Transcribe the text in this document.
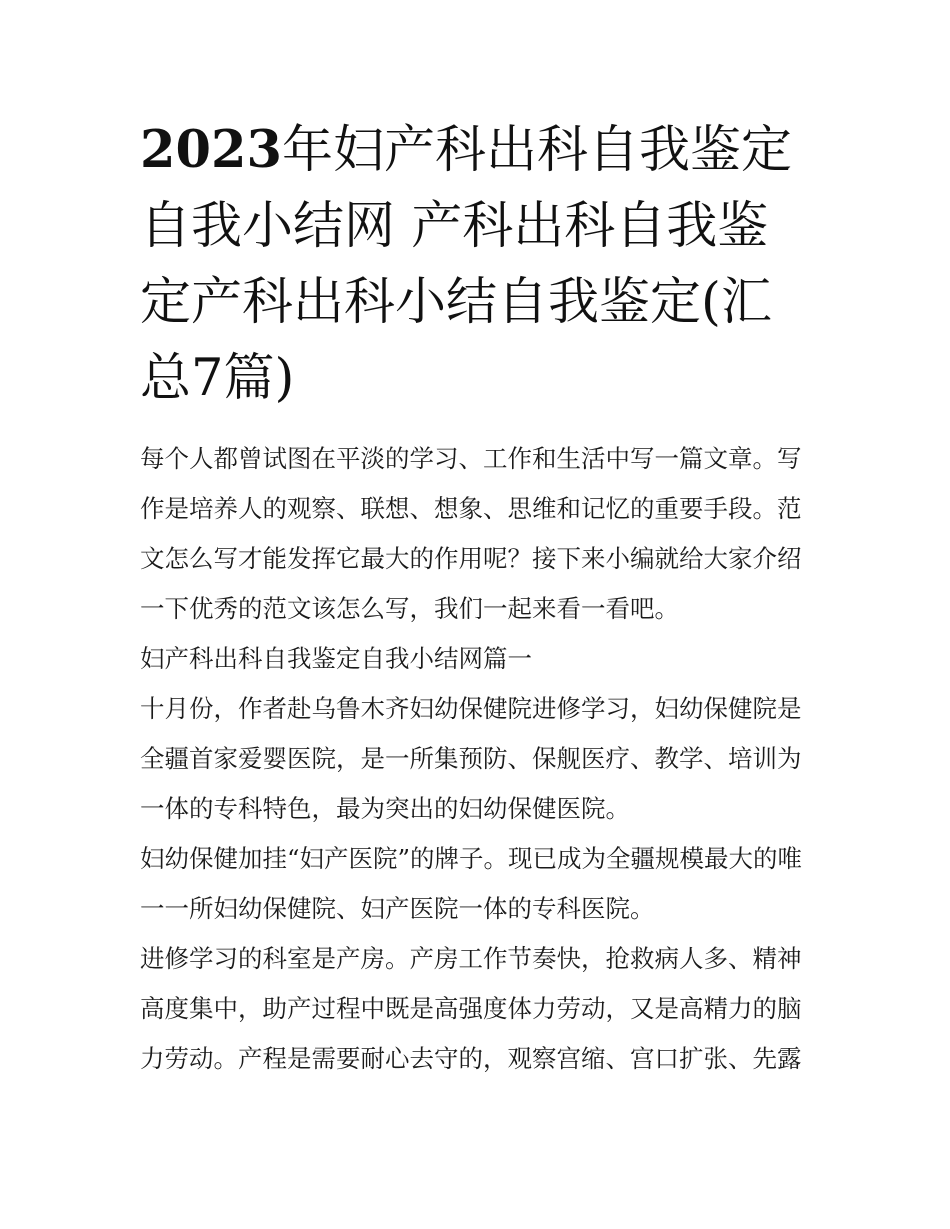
2023年妇产科出科自我鉴定自我小结网 产科出科自我鉴定产科出科小结自我鉴定(汇总7篇)

每个人都曾试图在平淡的学习、工作和生活中写一篇文章。写作是培养人的观察、联想、想象、思维和记忆的重要手段。范文怎么写才能发挥它最大的作用呢？接下来小编就给大家介绍一下优秀的范文该怎么写，我们一起来看一看吧。

妇产科出科自我鉴定自我小结网篇一

十月份，作者赴乌鲁木齐妇幼保健院进修学习，妇幼保健院是全疆首家爱婴医院，是一所集预防、保舰医疗、教学、培训为一体的专科特色，最为突出的妇幼保健医院。

妇幼保健加挂“妇产医院”的牌子。现已成为全疆规模最大的唯一一所妇幼保健院、妇产医院一体的专科医院。

进修学习的科室是产房。产房工作节奏快，抢救病人多、精神高度集中，助产过程中既是高强度体力劳动，又是高精力的脑力劳动。产程是需要耐心去守的，观察宫缩、宫口扩张、先露
